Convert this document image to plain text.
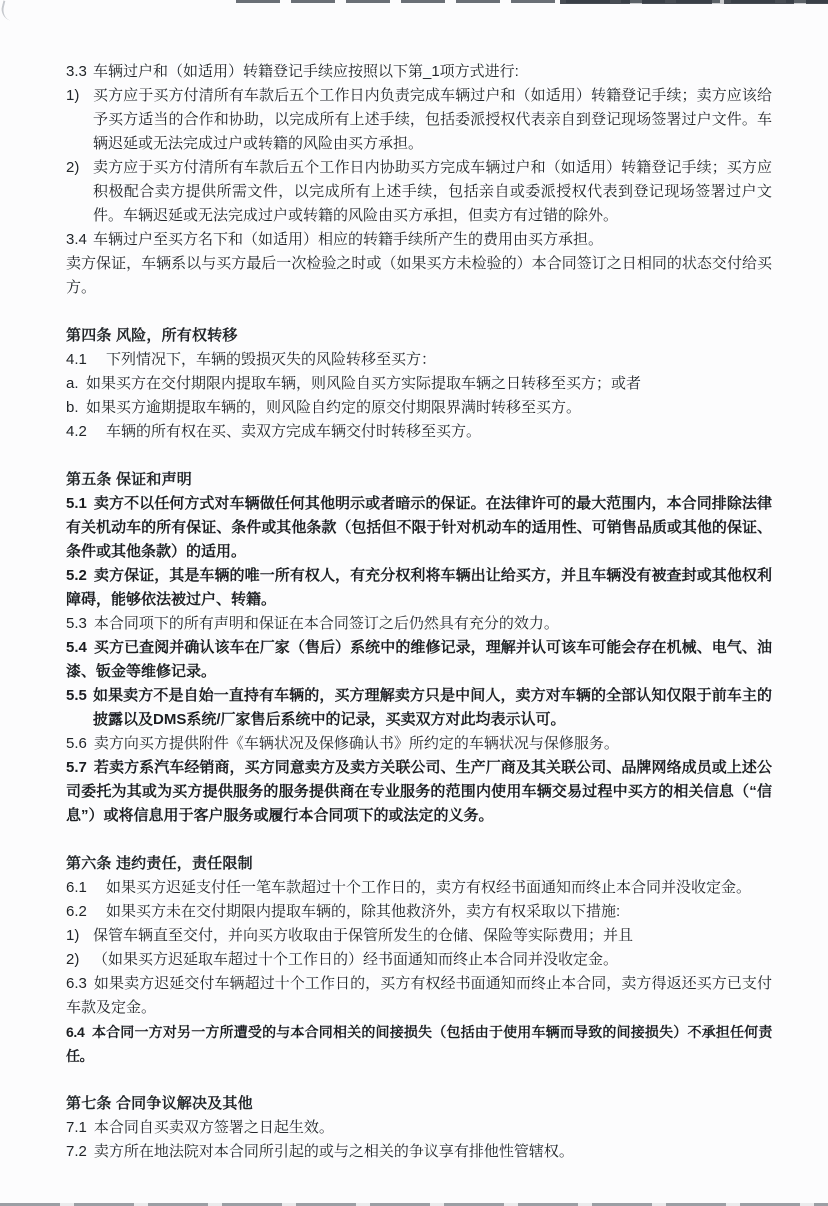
3.3 车辆过户和（如适用）转籍登记手续应按照以下第_1项方式进行:

1) 买方应于买方付清所有车款后五个工作日内负责完成车辆过户和（如适用）转籍登记手续；卖方应该给予买方适当的合作和协助，以完成所有上述手续，包括委派授权代表亲自到登记现场签署过户文件。车辆迟延或无法完成过户或转籍的风险由买方承担。

2) 卖方应于买方付清所有车款后五个工作日内协助买方完成车辆过户和（如适用）转籍登记手续；买方应积极配合卖方提供所需文件，以完成所有上述手续，包括亲自或委派授权代表到登记现场签署过户文件。车辆迟延或无法完成过户或转籍的风险由买方承担，但卖方有过错的除外。

3.4 车辆过户至买方名下和（如适用）相应的转籍手续所产生的费用由买方承担。

卖方保证，车辆系以与买方最后一次检验之时或（如果买方未检验的）本合同签订之日相同的状态交付给买方。

第四条 风险，所有权转移

4.1 下列情况下，车辆的毁损灭失的风险转移至买方：

a. 如果买方在交付期限内提取车辆，则风险自买方实际提取车辆之日转移至买方；或者

b. 如果买方逾期提取车辆的，则风险自约定的原交付期限界满时转移至买方。

4.2 车辆的所有权在买、卖双方完成车辆交付时转移至买方。

第五条 保证和声明

5.1 卖方不以任何方式对车辆做任何其他明示或者暗示的保证。在法律许可的最大范围内，本合同排除法律有关机动车的所有保证、条件或其他条款（包括但不限于针对机动车的适用性、可销售品质或其他的保证、条件或其他条款）的适用。

5.2 卖方保证，其是车辆的唯一所有权人，有充分权利将车辆出让给买方，并且车辆没有被查封或其他权利障碍，能够依法被过户、转籍。

5.3 本合同项下的所有声明和保证在本合同签订之后仍然具有充分的效力。

5.4 买方已查阅并确认该车在厂家（售后）系统中的维修记录，理解并认可该车可能会存在机械、电气、油漆、钣金等维修记录。

5.5 如果卖方不是自始一直持有车辆的，买方理解卖方只是中间人，卖方对车辆的全部认知仅限于前车主的披露以及DMS系统/厂家售后系统中的记录，买卖双方对此均表示认可。

5.6 卖方向买方提供附件《车辆状况及保修确认书》所约定的车辆状况与保修服务。

5.7 若卖方系汽车经销商，买方同意卖方及卖方关联公司、生产厂商及其关联公司、品牌网络成员或上述公司委托为其或为买方提供服务的服务提供商在专业服务的范围内使用车辆交易过程中买方的相关信息（“信息”）或将信息用于客户服务或履行本合同项下的或法定的义务。

第六条 违约责任，责任限制

6.1 如果买方迟延支付任一笔车款超过十个工作日的，卖方有权经书面通知而终止本合同并没收定金。

6.2 如果买方未在交付期限内提取车辆的，除其他救济外，卖方有权采取以下措施:

1) 保管车辆直至交付，并向买方收取由于保管所发生的仓储、保险等实际费用；并且

2) （如果买方迟延取车超过十个工作日的）经书面通知而终止本合同并没收定金。

6.3 如果卖方迟延交付车辆超过十个工作日的，买方有权经书面通知而终止本合同，卖方得返还买方已支付车款及定金。

6.4 本合同一方对另一方所遭受的与本合同相关的间接损失（包括由于使用车辆而导致的间接损失）不承担任何责任。

第七条 合同争议解决及其他

7.1 本合同自买卖双方签署之日起生效。

7.2 卖方所在地法院对本合同所引起的或与之相关的争议享有排他性管辖权。
